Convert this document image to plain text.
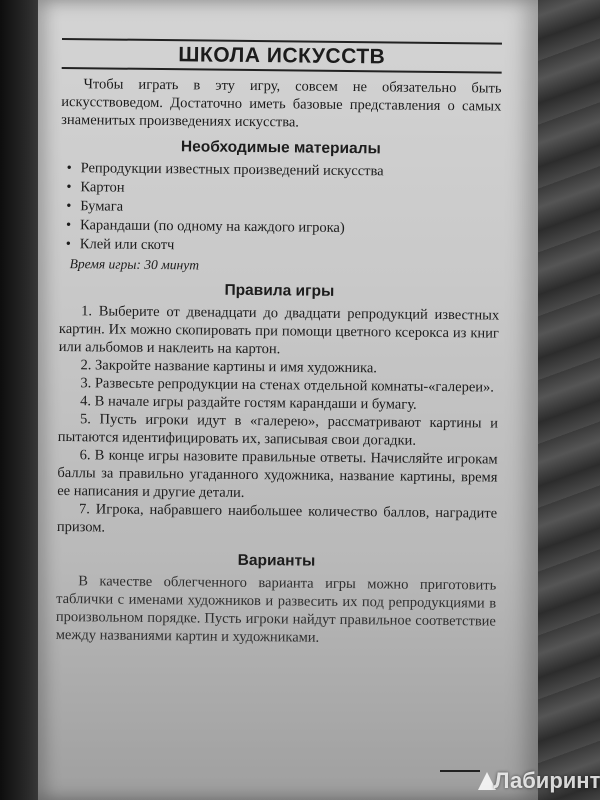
ШКОЛА ИСКУССТВ

Чтобы играть в эту игру, совсем не обязательно быть искусствоведом. Достаточно иметь базовые представления о самых знаменитых произведениях искусства.

Необходимые материалы
• Репродукции известных произведений искусства
• Картон
• Бумага
• Карандаши (по одному на каждого игрока)
• Клей или скотч
Время игры: 30 минут
Правила игры

1. Выберите от двенадцати до двадцати репродукций известных картин. Их можно скопировать при помощи цветного ксерокса из книг или альбомов и наклеить на картон.

2. Закройте название картины и имя художника.

3. Развесьте репродукции на стенах отдельной комнаты-«галереи».

4. В начале игры раздайте гостям карандаши и бумагу.

5. Пусть игроки идут в «галерею», рассматривают картины и пытаются идентифицировать их, записывая свои догадки.

6. В конце игры назовите правильные ответы. Начисляйте игрокам баллы за правильно угаданного художника, название картины, время ее написания и другие детали.

7. Игрока, набравшего наибольшее количество баллов, наградите призом.

Варианты

В качестве облегченного варианта игры можно приготовить таблички с именами художников и развесить их под репродукциями в произвольном порядке. Пусть игроки найдут правильное соответствие между названиями картин и художниками.

Лабиринт
